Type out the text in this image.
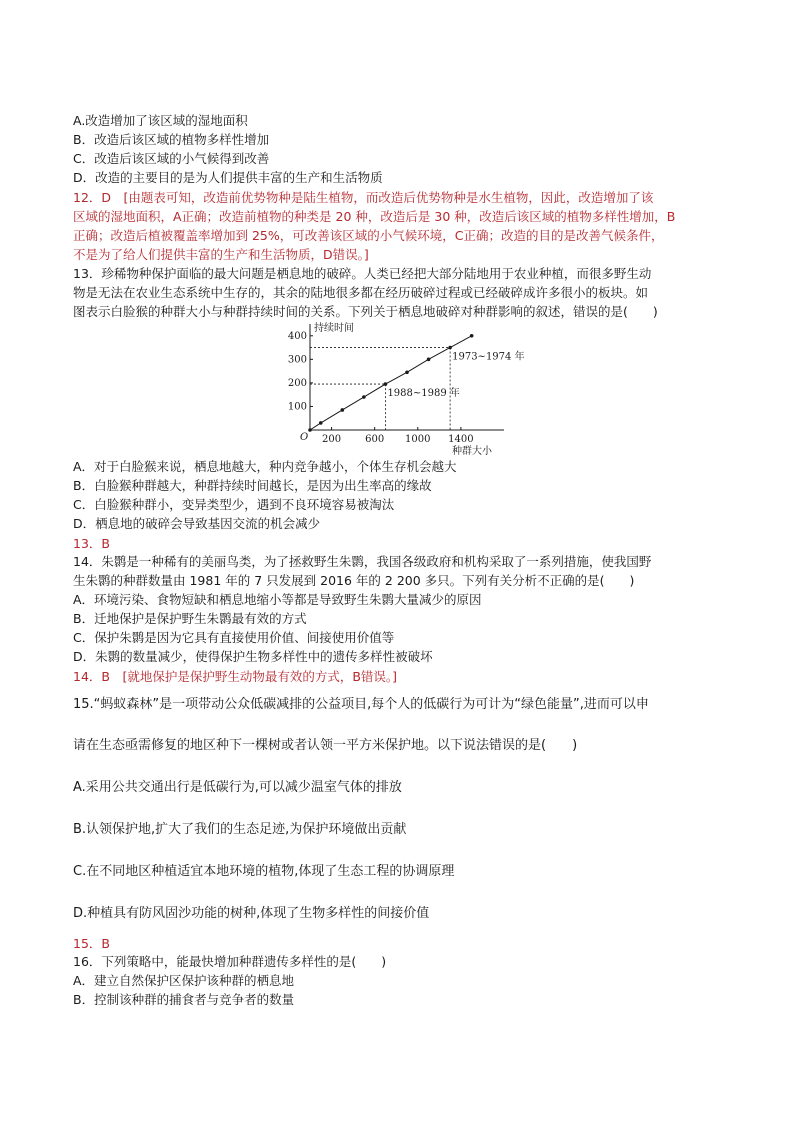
A.改造增加了该区域的湿地面积
B．改造后该区域的植物多样性增加
C．改造后该区域的小气候得到改善
D．改造的主要目的是为人们提供丰富的生产和生活物质
12．D　[由题表可知，改造前优势物种是陆生植物，而改造后优势物种是水生植物，因此，改造增加了该
区域的湿地面积，A正确；改造前植物的种类是 20 种，改造后是 30 种，改造后该区域的植物多样性增加，B
正确；改造后植被覆盖率增加到 25%，可改善该区域的小气候环境，C正确；改造的目的是改善气候条件，
不是为了给人们提供丰富的生产和生活物质，D错误。]
13．珍稀物种保护面临的最大问题是栖息地的破碎。人类已经把大部分陆地用于农业种植，而很多野生动
物是无法在农业生态系统中生存的，其余的陆地很多都在经历破碎过程或已经破碎成许多很小的板块。如
图表示白脸猴的种群大小与种群持续时间的关系。下列关于栖息地破碎对种群影响的叙述，错误的是(　　)
200 600 1000 1400
100
200
300
400
1988~1989 年
1973~1974 年
持续时间
种群大小
O
A．对于白脸猴来说，栖息地越大，种内竞争越小，个体生存机会越大
B．白脸猴种群越大，种群持续时间越长，是因为出生率高的缘故
C．白脸猴种群小，变异类型少，遇到不良环境容易被淘汰
D．栖息地的破碎会导致基因交流的机会减少
13．B
14．朱鹮是一种稀有的美丽鸟类，为了拯救野生朱鹮，我国各级政府和机构采取了一系列措施，使我国野
生朱鹮的种群数量由 1981 年的 7 只发展到 2016 年的 2 200 多只。下列有关分析不正确的是(　　)
A．环境污染、食物短缺和栖息地缩小等都是导致野生朱鹮大量减少的原因
B．迁地保护是保护野生朱鹮最有效的方式
C．保护朱鹮是因为它具有直接使用价值、间接使用价值等
D．朱鹮的数量减少，使得保护生物多样性中的遗传多样性被破坏
14．B　[就地保护是保护野生动物最有效的方式，B错误。]
15.“蚂蚁森林”是一项带动公众低碳减排的公益项目,每个人的低碳行为可计为“绿色能量”,进而可以申
请在生态亟需修复的地区种下一棵树或者认领一平方米保护地。以下说法错误的是(　　)
A.采用公共交通出行是低碳行为,可以减少温室气体的排放
B.认领保护地,扩大了我们的生态足迹,为保护环境做出贡献
C.在不同地区种植适宜本地环境的植物,体现了生态工程的协调原理
D.种植具有防风固沙功能的树种,体现了生物多样性的间接价值
15．B
16．下列策略中，能最快增加种群遗传多样性的是(　　)
A．建立自然保护区保护该种群的栖息地
B．控制该种群的捕食者与竞争者的数量
